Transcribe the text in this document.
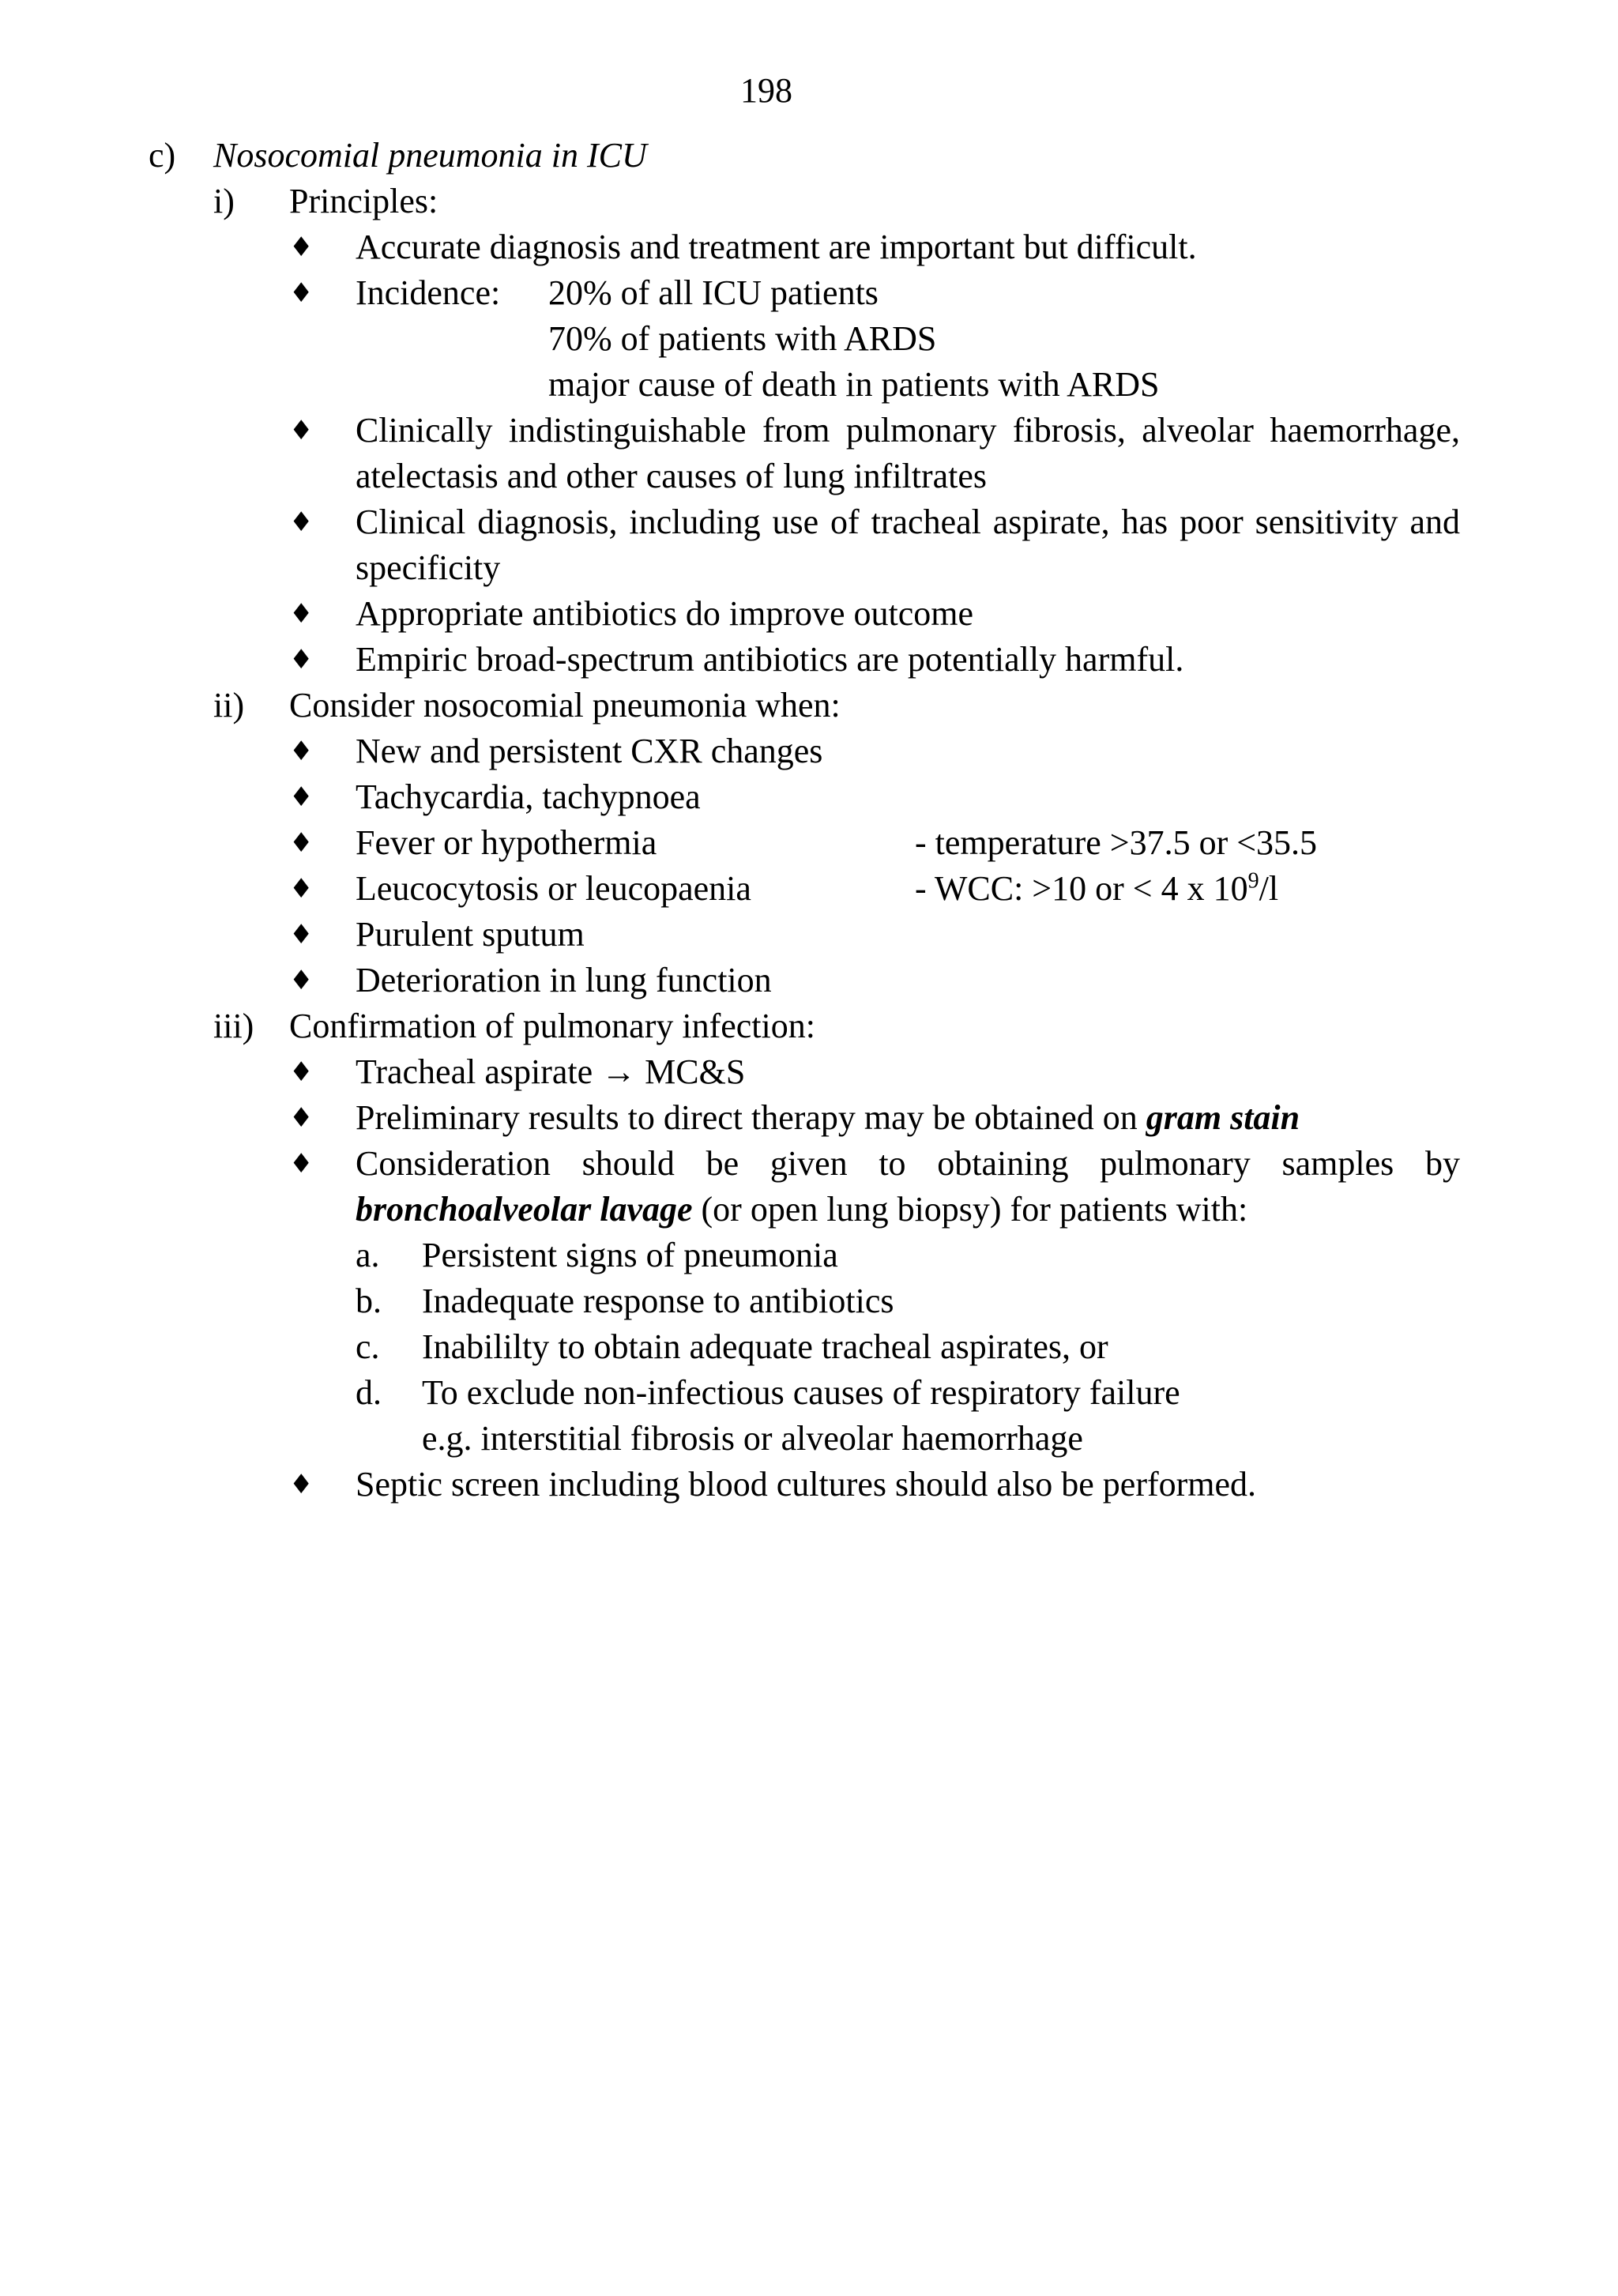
198
c) Nosocomial pneumonia in ICU
i) Principles:
♦ Accurate diagnosis and treatment are important but difficult.
♦ Incidence:	20% of all ICU patients
70% of patients with ARDS
major cause of death in patients with ARDS
♦ Clinically indistinguishable from pulmonary fibrosis, alveolar haemorrhage, atelectasis and other causes of lung infiltrates
♦ Clinical diagnosis, including use of tracheal aspirate, has poor sensitivity and specificity
♦ Appropriate antibiotics do improve outcome
♦ Empiric broad-spectrum antibiotics are potentially harmful.
ii) Consider nosocomial pneumonia when:
♦ New and persistent CXR changes
♦ Tachycardia, tachypnoea
♦ Fever or hypothermia	- temperature >37.5 or <35.5
♦ Leucocytosis or leucopaenia	- WCC: >10 or < 4 x $10^9/l$
♦ Purulent sputum
♦ Deterioration in lung function
iii) Confirmation of pulmonary infection:
♦ Tracheal aspirate → MC&S
♦ Preliminary results to direct therapy may be obtained on gram stain
♦ Consideration should be given to obtaining pulmonary samples by bronchoalveolar lavage (or open lung biopsy) for patients with:
a. Persistent signs of pneumonia
b. Inadequate response to antibiotics
c. Inabililty to obtain adequate tracheal aspirates, or
d. To exclude non-infectious causes of respiratory failure
e.g. interstitial fibrosis or alveolar haemorrhage
♦ Septic screen including blood cultures should also be performed.
